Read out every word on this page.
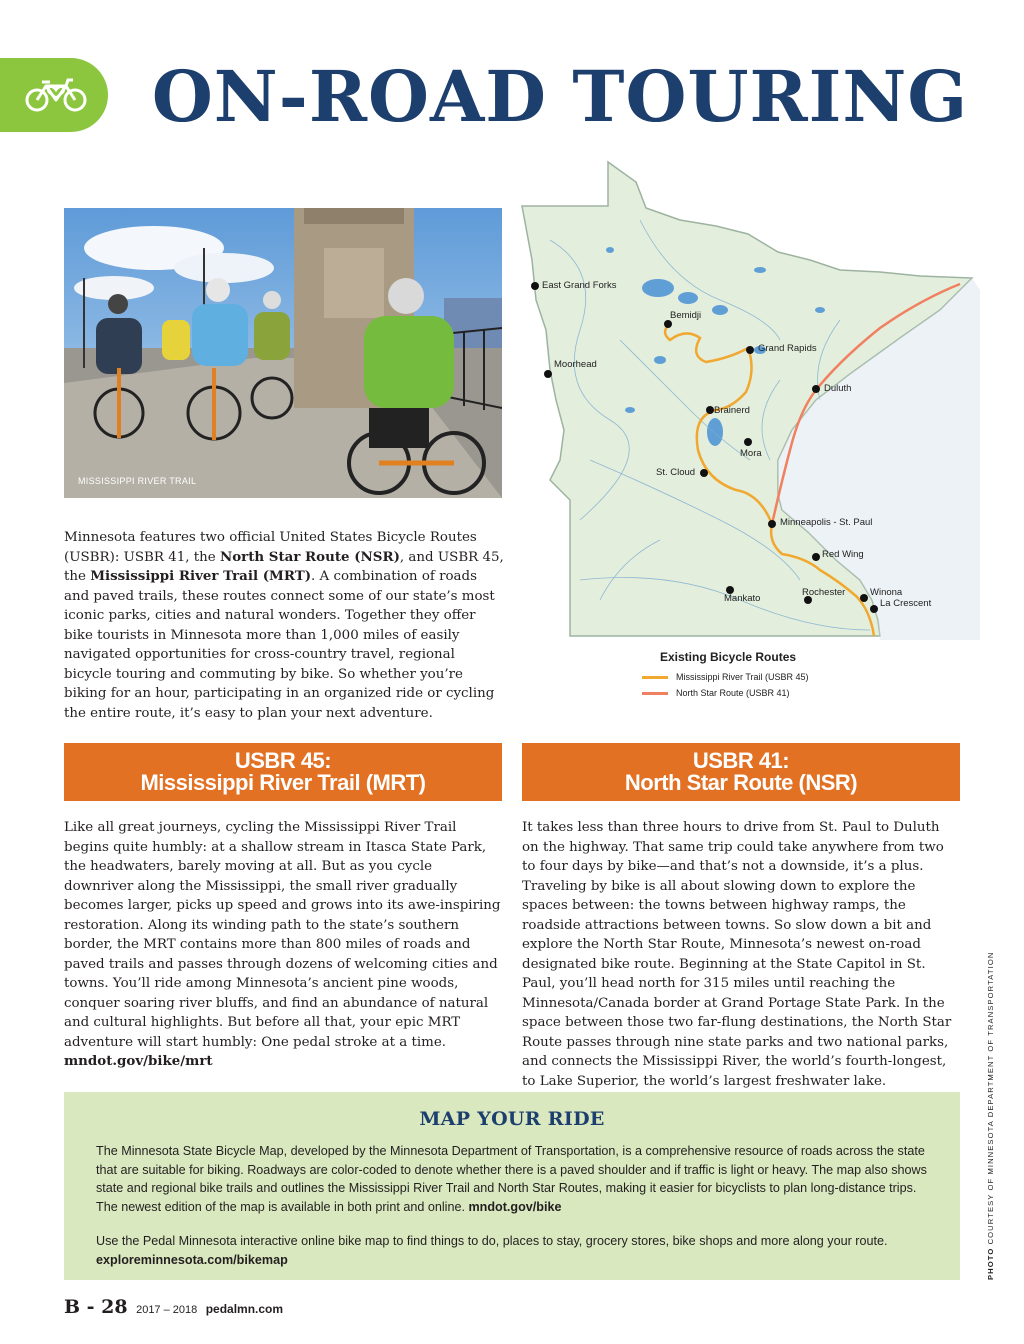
ON-ROAD TOURING
MISSISSIPPI RIVER TRAIL
East Grand Forks
Bemidji
Grand Rapids
Moorhead
Duluth
Brainerd
Mora
St. Cloud
Minneapolis - St. Paul
Red Wing
Mankato
Rochester	Winona
La Crescent
Existing Bicycle Routes
Mississippi River Trail (USBR 45)
North Star Route (USBR 41)

Minnesota features two official United States Bicycle Routes (USBR): USBR 41, the North Star Route (NSR), and USBR 45, the Mississippi River Trail (MRT). A combination of roads and paved trails, these routes connect some of our state’s most iconic parks, cities and natural wonders. Together they offer bike tourists in Minnesota more than 1,000 miles of easily navigated opportunities for cross-country travel, regional bicycle touring and commuting by bike. So whether you’re biking for an hour, participating in an organized ride or cycling the entire route, it’s easy to plan your next adventure.

USBR 45:
Mississippi River Trail (MRT)
USBR 41:
North Star Route (NSR)

Like all great journeys, cycling the Mississippi River Trail begins quite humbly: at a shallow stream in Itasca State Park, the headwaters, barely moving at all. But as you cycle downriver along the Mississippi, the small river gradually becomes larger, picks up speed and grows into its awe-inspiring restoration. Along its winding path to the state’s southern border, the MRT contains more than 800 miles of roads and paved trails and passes through dozens of welcoming cities and towns. You’ll ride among Minnesota’s ancient pine woods, conquer soaring river bluffs, and find an abundance of natural and cultural highlights. But before all that, your epic MRT adventure will start humbly: One pedal stroke at a time. mndot.gov/bike/mrt

It takes less than three hours to drive from St. Paul to Duluth on the highway. That same trip could take anywhere from two to four days by bike—and that’s not a downside, it’s a plus. Traveling by bike is all about slowing down to explore the spaces between: the towns between highway ramps, the roadside attractions between towns. So slow down a bit and explore the North Star Route, Minnesota’s newest on-road designated bike route. Beginning at the State Capitol in St. Paul, you’ll head north for 315 miles until reaching the Minnesota/Canada border at Grand Portage State Park. In the space between those two far-flung destinations, the North Star Route passes through nine state parks and two national parks, and connects the Mississippi River, the world’s fourth-longest, to Lake Superior, the world’s largest freshwater lake.

PHOTO COURTESY OF MINNESOTA DEPARTMENT OF TRANSPORTATION
MAP YOUR RIDE

The Minnesota State Bicycle Map, developed by the Minnesota Department of Transportation, is a comprehensive resource of roads across the state that are suitable for biking. Roadways are color-coded to denote whether there is a paved shoulder and if traffic is light or heavy. The map also shows state and regional bike trails and outlines the Mississippi River Trail and North Star Routes, making it easier for bicyclists to plan long-distance trips. The newest edition of the map is available in both print and online. mndot.gov/bike

Use the Pedal Minnesota interactive online bike map to find things to do, places to stay, grocery stores, bike shops and more along your route. exploreminnesota.com/bikemap

B - 28 2017 – 2018 pedalmn.com
